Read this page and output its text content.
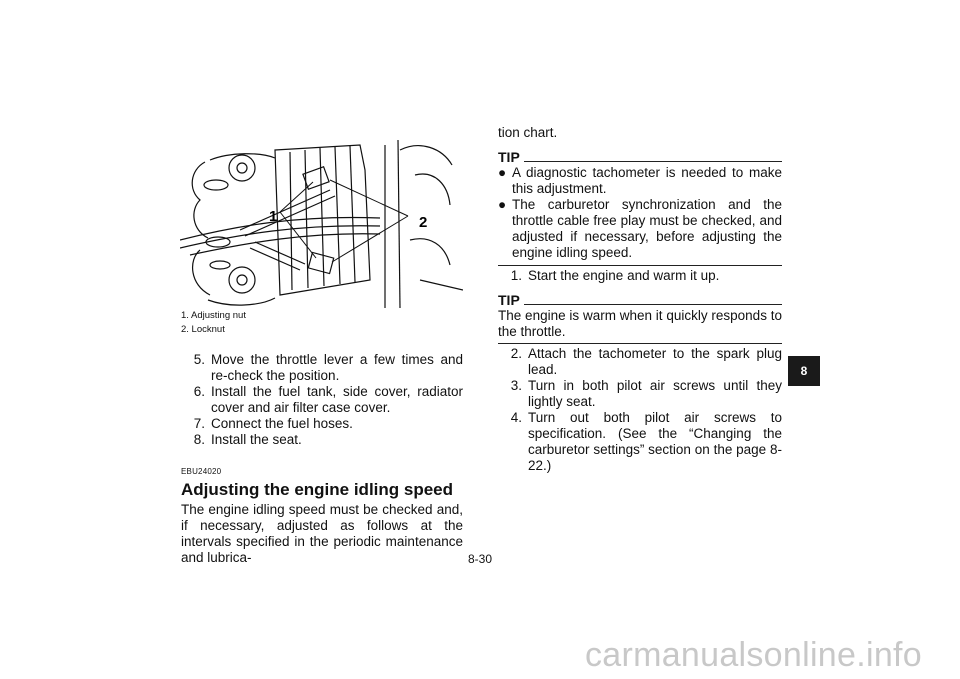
1	2
1. Adjusting nut
2. Locknut
5. Move the throttle lever a few times and re-check the position.
6. Install the fuel tank, side cover, radiator cover and air filter case cover.
7. Connect the fuel hoses.
8. Install the seat.
EBU24020
Adjusting the engine idling speed
The engine idling speed must be checked and, if necessary, adjusted as follows at the intervals specified in the periodic maintenance and lubrica-
tion chart.
TIP
● A diagnostic tachometer is needed to make this adjustment.
● The carburetor synchronization and the throttle cable free play must be checked, and adjusted if necessary, before adjusting the engine idling speed.
1. Start the engine and warm it up.
TIP
The engine is warm when it quickly responds to the throttle.
2. Attach the tachometer to the spark plug lead.
3. Turn in both pilot air screws until they lightly seat.
4. Turn out both pilot air screws to specification. (See the “Changing the carburetor settings” section on the page 8-22.)
8
8-30
carmanualsonline.info
